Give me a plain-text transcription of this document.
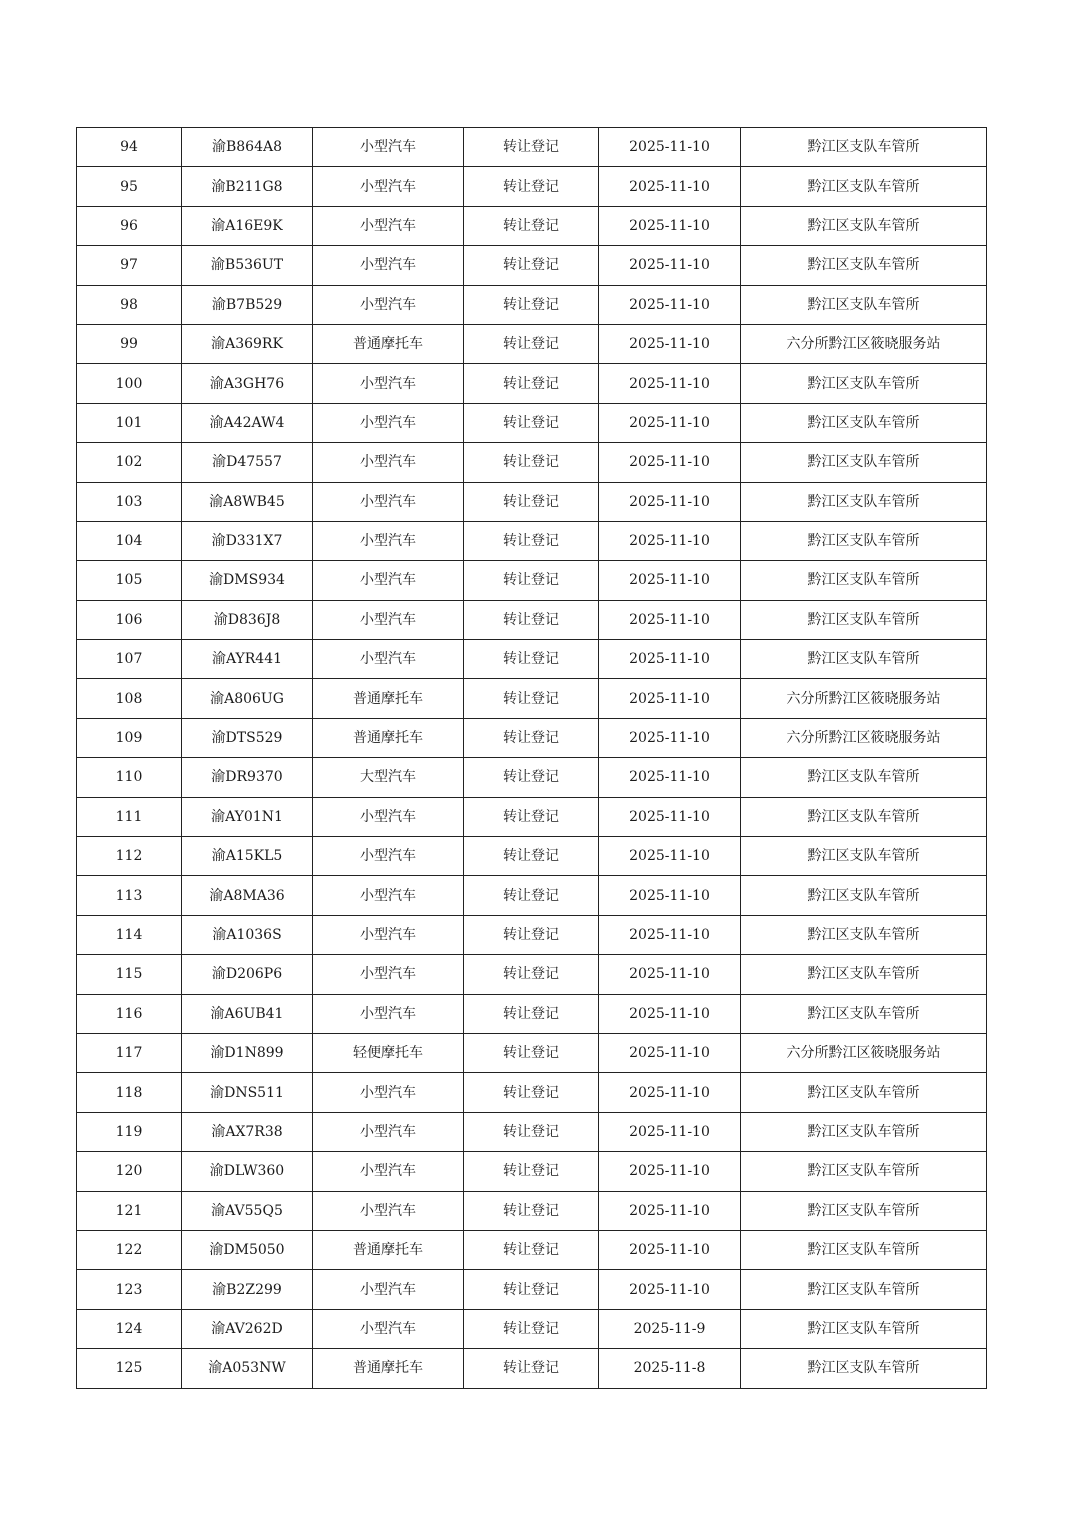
94	渝B864A8	小型汽车	转让登记	2025-11-10	黔江区支队车管所
95	渝B211G8	小型汽车	转让登记	2025-11-10	黔江区支队车管所
96	渝A16E9K	小型汽车	转让登记	2025-11-10	黔江区支队车管所
97	渝B536UT	小型汽车	转让登记	2025-11-10	黔江区支队车管所
98	渝B7B529	小型汽车	转让登记	2025-11-10	黔江区支队车管所
99	渝A369RK	普通摩托车	转让登记	2025-11-10	六分所黔江区筱晓服务站
100	渝A3GH76	小型汽车	转让登记	2025-11-10	黔江区支队车管所
101	渝A42AW4	小型汽车	转让登记	2025-11-10	黔江区支队车管所
102	渝D47557	小型汽车	转让登记	2025-11-10	黔江区支队车管所
103	渝A8WB45	小型汽车	转让登记	2025-11-10	黔江区支队车管所
104	渝D331X7	小型汽车	转让登记	2025-11-10	黔江区支队车管所
105	渝DMS934	小型汽车	转让登记	2025-11-10	黔江区支队车管所
106	渝D836J8	小型汽车	转让登记	2025-11-10	黔江区支队车管所
107	渝AYR441	小型汽车	转让登记	2025-11-10	黔江区支队车管所
108	渝A806UG	普通摩托车	转让登记	2025-11-10	六分所黔江区筱晓服务站
109	渝DTS529	普通摩托车	转让登记	2025-11-10	六分所黔江区筱晓服务站
110	渝DR9370	大型汽车	转让登记	2025-11-10	黔江区支队车管所
111	渝AY01N1	小型汽车	转让登记	2025-11-10	黔江区支队车管所
112	渝A15KL5	小型汽车	转让登记	2025-11-10	黔江区支队车管所
113	渝A8MA36	小型汽车	转让登记	2025-11-10	黔江区支队车管所
114	渝A1036S	小型汽车	转让登记	2025-11-10	黔江区支队车管所
115	渝D206P6	小型汽车	转让登记	2025-11-10	黔江区支队车管所
116	渝A6UB41	小型汽车	转让登记	2025-11-10	黔江区支队车管所
117	渝D1N899	轻便摩托车	转让登记	2025-11-10	六分所黔江区筱晓服务站
118	渝DNS511	小型汽车	转让登记	2025-11-10	黔江区支队车管所
119	渝AX7R38	小型汽车	转让登记	2025-11-10	黔江区支队车管所
120	渝DLW360	小型汽车	转让登记	2025-11-10	黔江区支队车管所
121	渝AV55Q5	小型汽车	转让登记	2025-11-10	黔江区支队车管所
122	渝DM5050	普通摩托车	转让登记	2025-11-10	黔江区支队车管所
123	渝B2Z299	小型汽车	转让登记	2025-11-10	黔江区支队车管所
124	渝AV262D	小型汽车	转让登记	2025-11-9	黔江区支队车管所
125	渝A053NW	普通摩托车	转让登记	2025-11-8	黔江区支队车管所
